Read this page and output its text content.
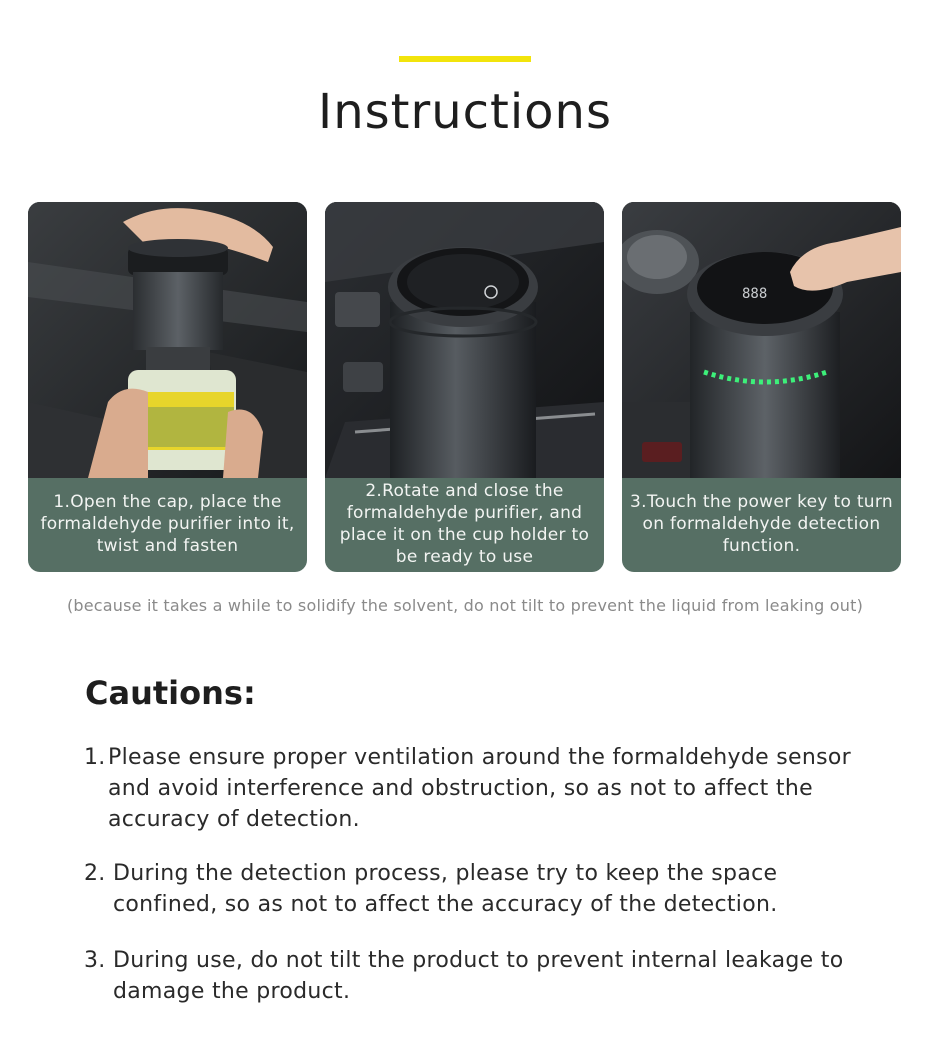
Instructions
1.Open the cap, place the formaldehyde purifier into it, twist and fasten
2.Rotate and close the formaldehyde purifier, and place it on the cup holder to be ready to use
888
3.Touch the power key to turn on formaldehyde detection function.
(because it takes a while to solidify the solvent, do not tilt to prevent the liquid from leaking out)
Cautions:
1. Please ensure proper ventilation around the formaldehyde sensor and avoid interference and obstruction, so as not to affect the accuracy of detection.
2. During the detection process, please try to keep the space confined, so as not to affect the accuracy of the detection.
3. During use, do not tilt the product to prevent internal leakage to damage the product.
